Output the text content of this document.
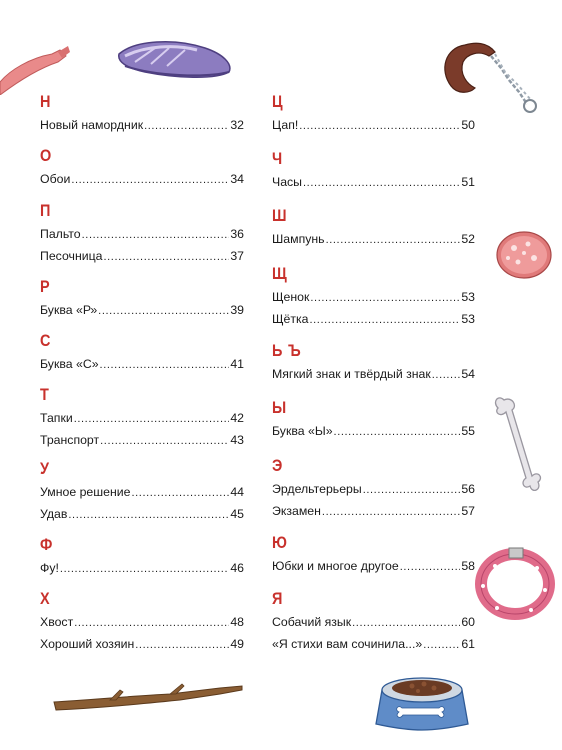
Н
Новый намордник .....	32
О
Обои .....	34
П
Пальто .....	36
Песочница .....	37
Р
Буква «Р» .....	39
С
Буква «С» .....	41
Т
Тапки .....	42
Транспорт .....	43
У
Умное решение .....	44
Удав .....	45
Ф
Фу! .....	46
Х
Хвост .....	48
Хороший хозяин .....	49
Ц
Цап! .....	50
Ч
Часы .....	51
Ш
Шампунь .....	52
Щ
Щенок .....	53
Щётка .....	53
Ь Ъ
Мягкий знак и твёрдый знак ..... 54
Ы
Буква «Ы» .....	55
Э
Эрдельтерьеры .....	56
Экзамен .....	57
Ю
Юбки и многое другое .....	58
Я
Собачий язык .....	60
«Я стихи вам сочинила...» .....	61
